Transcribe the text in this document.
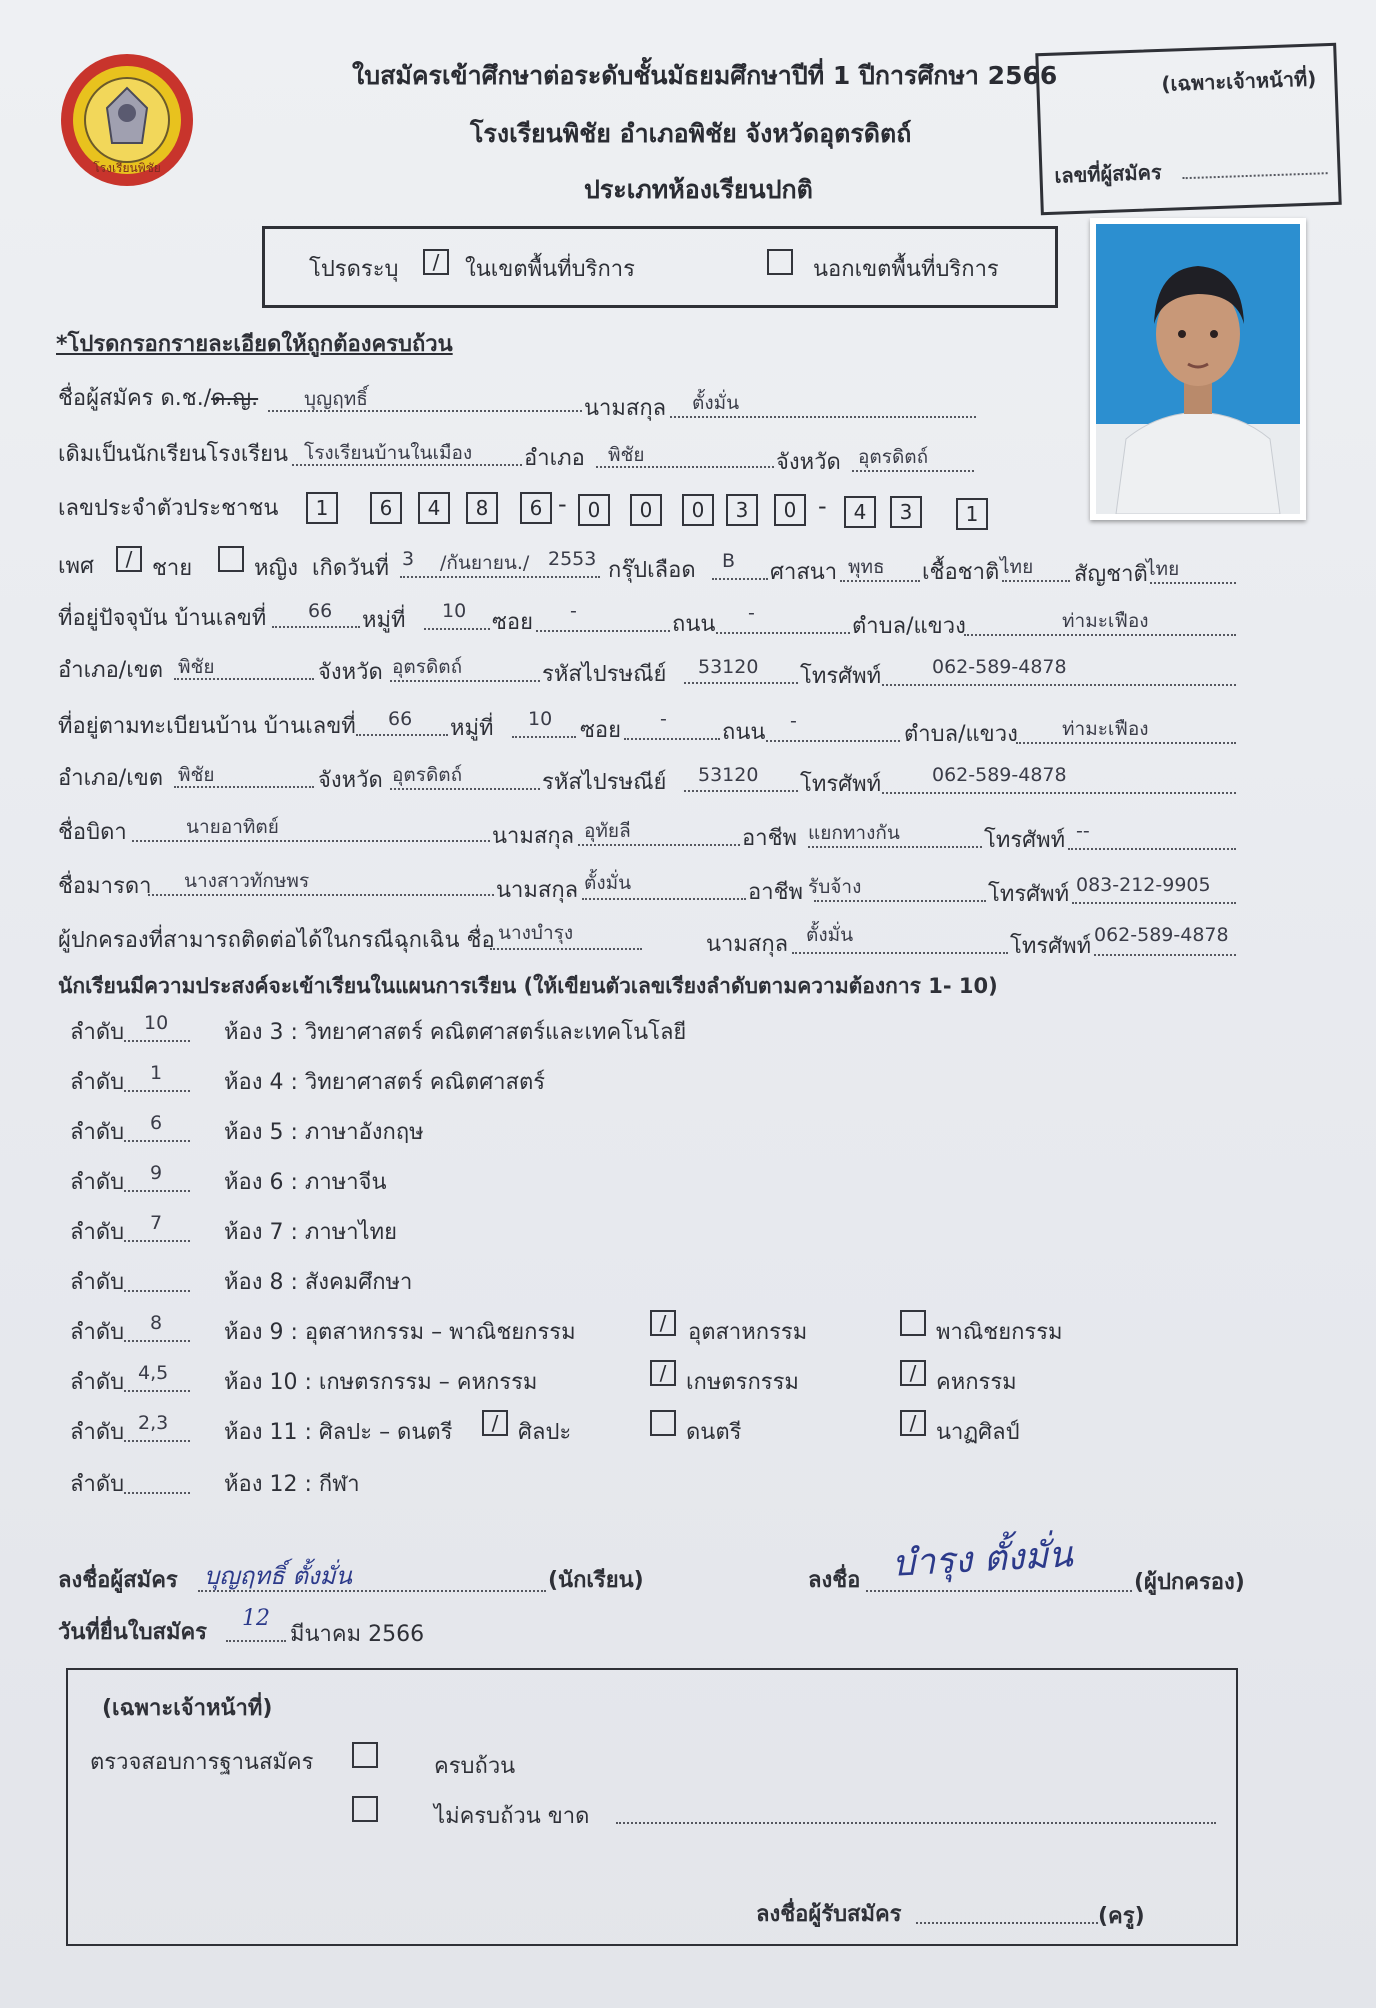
โรงเรียนพิชัย
ใบสมัครเข้าศึกษาต่อระดับชั้นมัธยมศึกษาปีที่ 1 ปีการศึกษา 2566
โรงเรียนพิชัย อำเภอพิชัย จังหวัดอุตรดิตถ์
ประเภทห้องเรียนปกติ
(เฉพาะเจ้าหน้าที่)
เลขที่ผู้สมัคร
โปรดระบุ	/	ในเขตพื้นที่บริการ	นอกเขตพื้นที่บริการ
*โปรดกรอกรายละเอียดให้ถูกต้องครบถ้วน
ชื่อผู้สมัคร ด.ช./ด.ญ. บุญฤทธิ์	นามสกุล ตั้งมั่น
เดิมเป็นนักเรียนโรงเรียน โรงเรียนบ้านในเมือง อำเภอ พิชัย	จังหวัด อุตรดิตถ์
เลขประจำตัวประชาชน	1	6	4	8	6 -	0	0	0	3	0 -	4	3	1
เพศ	/ ชาย	หญิง เกิดวันที่ 3 /กันยายน./ 2553 กรุ๊ปเลือด B ศาสนา พุทธ เชื้อชาติ ไทย สัญชาติ
ไทย
ที่อยู่ปัจจุบัน บ้านเลขที่ 66 หมู่ที่ 10 ซอย -
ถนน -
ตำบล/แขวง	ท่ามะเฟือง
อำเภอ/เขต พิชัย	จังหวัด อุตรดิตถ์	รหัสไปรษณีย์ 53120 โทรศัพท์	062-589-4878
ที่อยู่ตามทะเบียนบ้าน บ้านเลขที่ 66 หมู่ที่ 10 ซอย -
ถนน -
ตำบล/แขวง ท่ามะเฟือง
อำเภอ/เขต พิชัย	จังหวัด อุตรดิตถ์	รหัสไปรษณีย์ 53120 โทรศัพท์	062-589-4878
ชื่อบิดา	นายอาทิตย์	นามสกุล อุทัยลี	อาชีพ แยกทางกัน	โทรศัพท์ --
ชื่อมารดา นางสาวทักษพร	นามสกุล ตั้งมั่น	อาชีพ รับจ้าง	โทรศัพท์ 083-212-9905
ผู้ปกครองที่สามารถติดต่อได้ในกรณีฉุกเฉิน ชื่อ นางบำรุง	นามสกุล ตั้งมั่น	โทรศัพท์ 062-589-4878
นักเรียนมีความประสงค์จะเข้าเรียนในแผนการเรียน (ให้เขียนตัวเลขเรียงลำดับตามความต้องการ 1- 10)
ลำดับ 10	ห้อง 3 : วิทยาศาสตร์ คณิตศาสตร์และเทคโนโลยี
ลำดับ 1	ห้อง 4 : วิทยาศาสตร์ คณิตศาสตร์
ลำดับ 6	ห้อง 5 : ภาษาอังกฤษ
ลำดับ 9	ห้อง 6 : ภาษาจีน
ลำดับ 7	ห้อง 7 : ภาษาไทย
ลำดับ	ห้อง 8 : สังคมศึกษา
ลำดับ 8	ห้อง 9 : อุตสาหกรรม – พาณิชยกรรม	/ อุตสาหกรรม	พาณิชยกรรม
ลำดับ 4,5	ห้อง 10 : เกษตรกรรม – คหกรรม	/ เกษตรกรรม	/ คหกรรม
ลำดับ 2,3	ห้อง 11 : ศิลปะ – ดนตรี	/ ศิลปะ	ดนตรี	/ นาฏศิลป์
ลำดับ	ห้อง 12 : กีฬา
ลงชื่อผู้สมัคร บุญฤทธิ์ ตั้งมั่น	(นักเรียน)	ลงชื่อ บำรุง ตั้งมั่น	(ผู้ปกครอง)
วันที่ยื่นใบสมัคร
12
มีนาคม 2566
(เฉพาะเจ้าหน้าที่)
ตรวจสอบการฐานสมัคร	ครบถ้วน
ไม่ครบถ้วน ขาด
ลงชื่อผู้รับสมัคร	(ครู)
